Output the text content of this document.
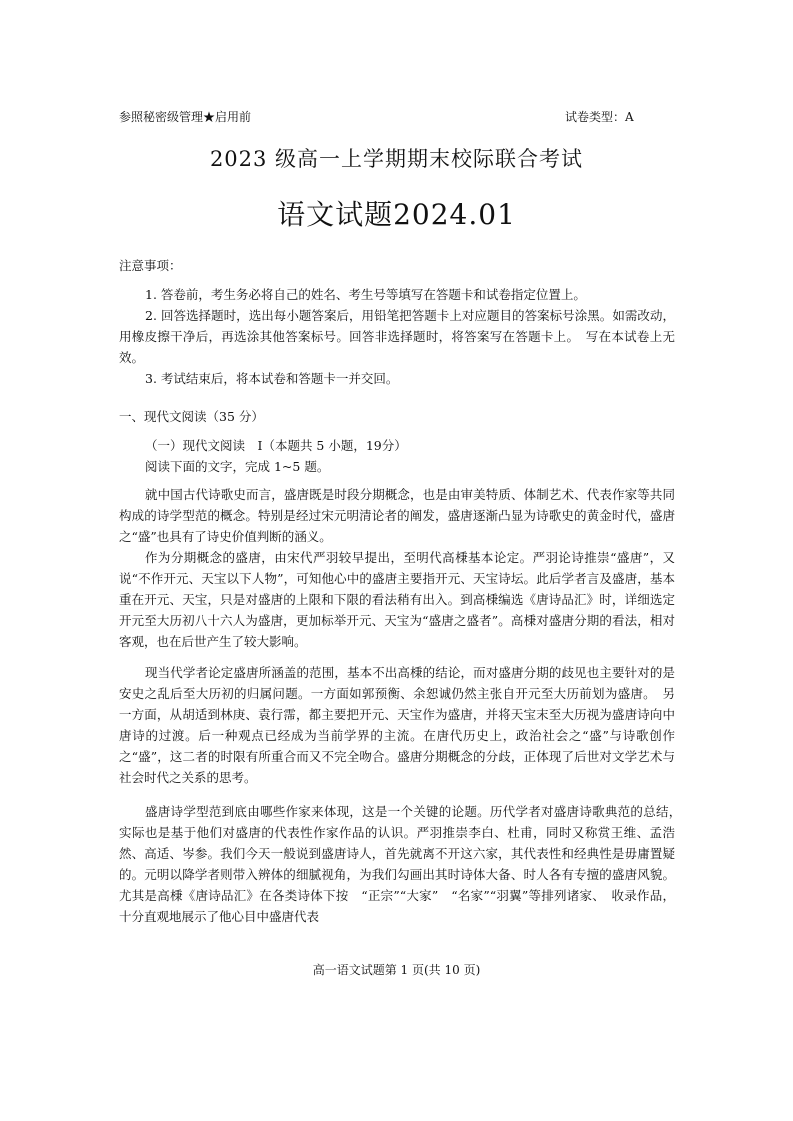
参照秘密级管理★启用前	试卷类型：A
2023 级高一上学期期末校际联合考试
语文试题2024.01
注意事项：
1. 答卷前，考生务必将自己的姓名、考生号等填写在答题卡和试卷指定位置上。
2. 回答选择题时，选出每小题答案后，用铅笔把答题卡上对应题目的答案标号涂黑。如需改动，用橡皮擦干净后，再选涂其他答案标号。回答非选择题时，将答案写在答题卡上。　写在本试卷上无效。
3. 考试结束后，将本试卷和答题卡一并交回。
一、现代文阅读（35 分）
（一）现代文阅读　Ⅰ（本题共 5 小题，19分）
阅读下面的文字，完成 1~5 题。
就中国古代诗歌史而言，盛唐既是时段分期概念，也是由审美特质、体制艺术、代表作家等共同构成的诗学型范的概念。特别是经过宋元明清论者的阐发，盛唐逐渐凸显为诗歌史的黄金时代，盛唐之“盛”也具有了诗史价值判断的涵义。
作为分期概念的盛唐，由宋代严羽较早提出，至明代高棅基本论定。严羽论诗推崇“盛唐”，又说“不作开元、天宝以下人物”，可知他心中的盛唐主要指开元、天宝诗坛。此后学者言及盛唐，基本重在开元、天宝，只是对盛唐的上限和下限的看法稍有出入。到高棅编选《唐诗品汇》时，详细选定开元至大历初八十六人为盛唐，更加标举开元、天宝为“盛唐之盛者”。高棅对盛唐分期的看法，相对客观，也在后世产生了较大影响。
现当代学者论定盛唐所涵盖的范围，基本不出高棅的结论，而对盛唐分期的歧见也主要针对的是安史之乱后至大历初的归属问题。一方面如郭预衡、余恕诚仍然主张自开元至大历前划为盛唐。　另一方面，从胡适到林庚、袁行霈，都主要把开元、天宝作为盛唐，并将天宝末至大历视为盛唐诗向中唐诗的过渡。后一种观点已经成为当前学界的主流。在唐代历史上，政治社会之“盛”与诗歌创作之“盛”，这二者的时限有所重合而又不完全吻合。盛唐分期概念的分歧，正体现了后世对文学艺术与社会时代之关系的思考。
盛唐诗学型范到底由哪些作家来体现，这是一个关键的论题。历代学者对盛唐诗歌典范的总结，　实际也是基于他们对盛唐的代表性作家作品的认识。严羽推崇李白、杜甫，同时又称赏王维、孟浩然、高适、岑参。我们今天一般说到盛唐诗人，首先就离不开这六家，其代表性和经典性是毋庸置疑的。元明以降学者则带入辨体的细腻视角，为我们勾画出其时诗体大备、时人各有专擅的盛唐风貌。尤其是高棅《唐诗品汇》在各类诗体下按　“正宗”“大家”　“名家”“羽翼”等排列诸家、　收录作品，十分直观地展示了他心目中盛唐代表
高一语文试题第 1 页(共 10 页)
